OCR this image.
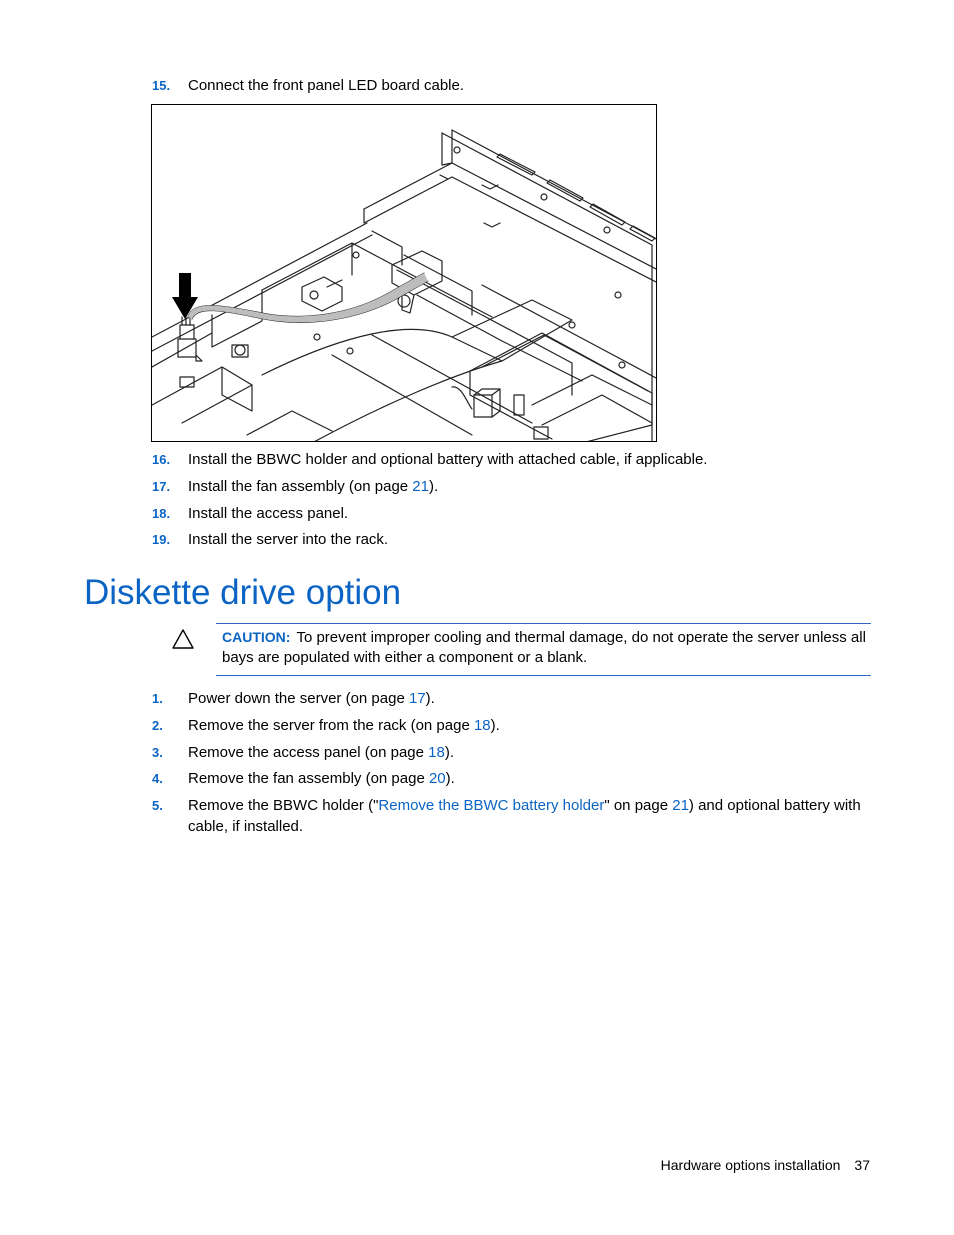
15.	Connect the front panel LED board cable.
16.	Install the BBWC holder and optional battery with attached cable, if applicable.
17.	Install the fan assembly (on page 21).
18.	Install the access panel.
19.	Install the server into the rack.
Diskette drive option
CAUTION: To prevent improper cooling and thermal damage, do not operate the server unless all bays are populated with either a component or a blank.
1.	Power down the server (on page 17).
2.	Remove the server from the rack (on page 18).
3.	Remove the access panel (on page 18).
4.	Remove the fan assembly (on page 20).
5.	Remove the BBWC holder ("Remove the BBWC battery holder" on page 21) and optional battery with cable, if installed.
Hardware options installation 37
